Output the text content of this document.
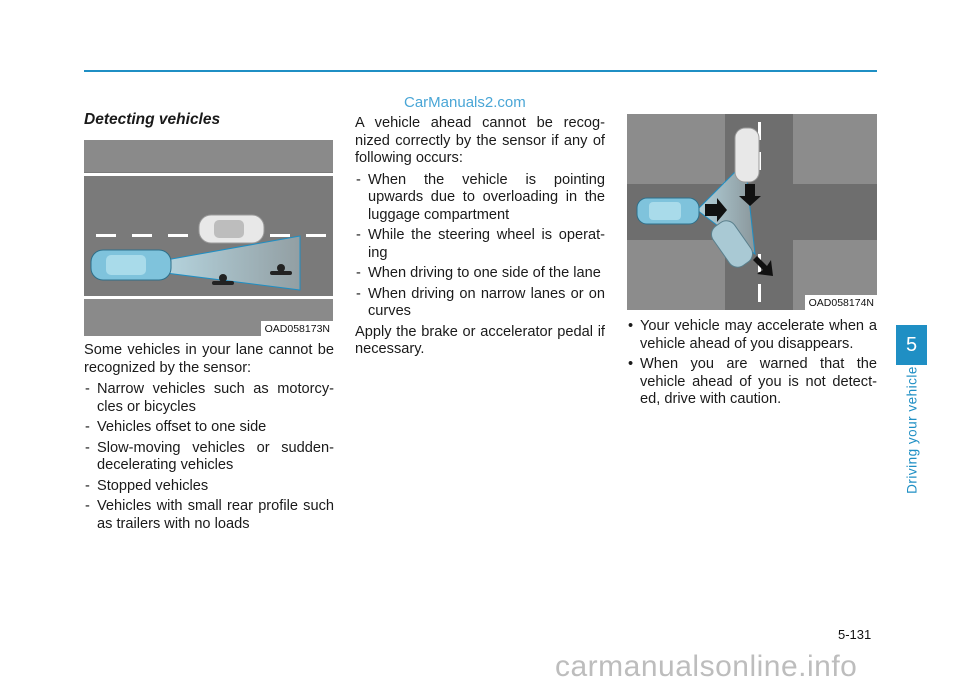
CarManuals2.com
Detecting vehicles
OAD058173N

Some vehicles in your lane cannot be recognized by the sensor:

- Narrow vehicles such as motorcy-cles or bicycles
- Vehicles offset to one side
- Slow-moving vehicles or sudden-decelerating vehicles
- Stopped vehicles
- Vehicles with small rear profile such as trailers with no loads

A vehicle ahead cannot be recog-nized correctly by the sensor if any of following occurs:

- When the vehicle is pointing upwards due to overloading in the luggage compartment
- While the steering wheel is operat-ing
- When driving to one side of the lane
- When driving on narrow lanes or on curves

Apply the brake or accelerator pedal if necessary.

OAD058174N
• Your vehicle may accelerate when a vehicle ahead of you disappears.
• When you are warned that the vehicle ahead of you is not detect-ed, drive with caution.
5
Driving your vehicle
5-131
carmanualsonline.info
